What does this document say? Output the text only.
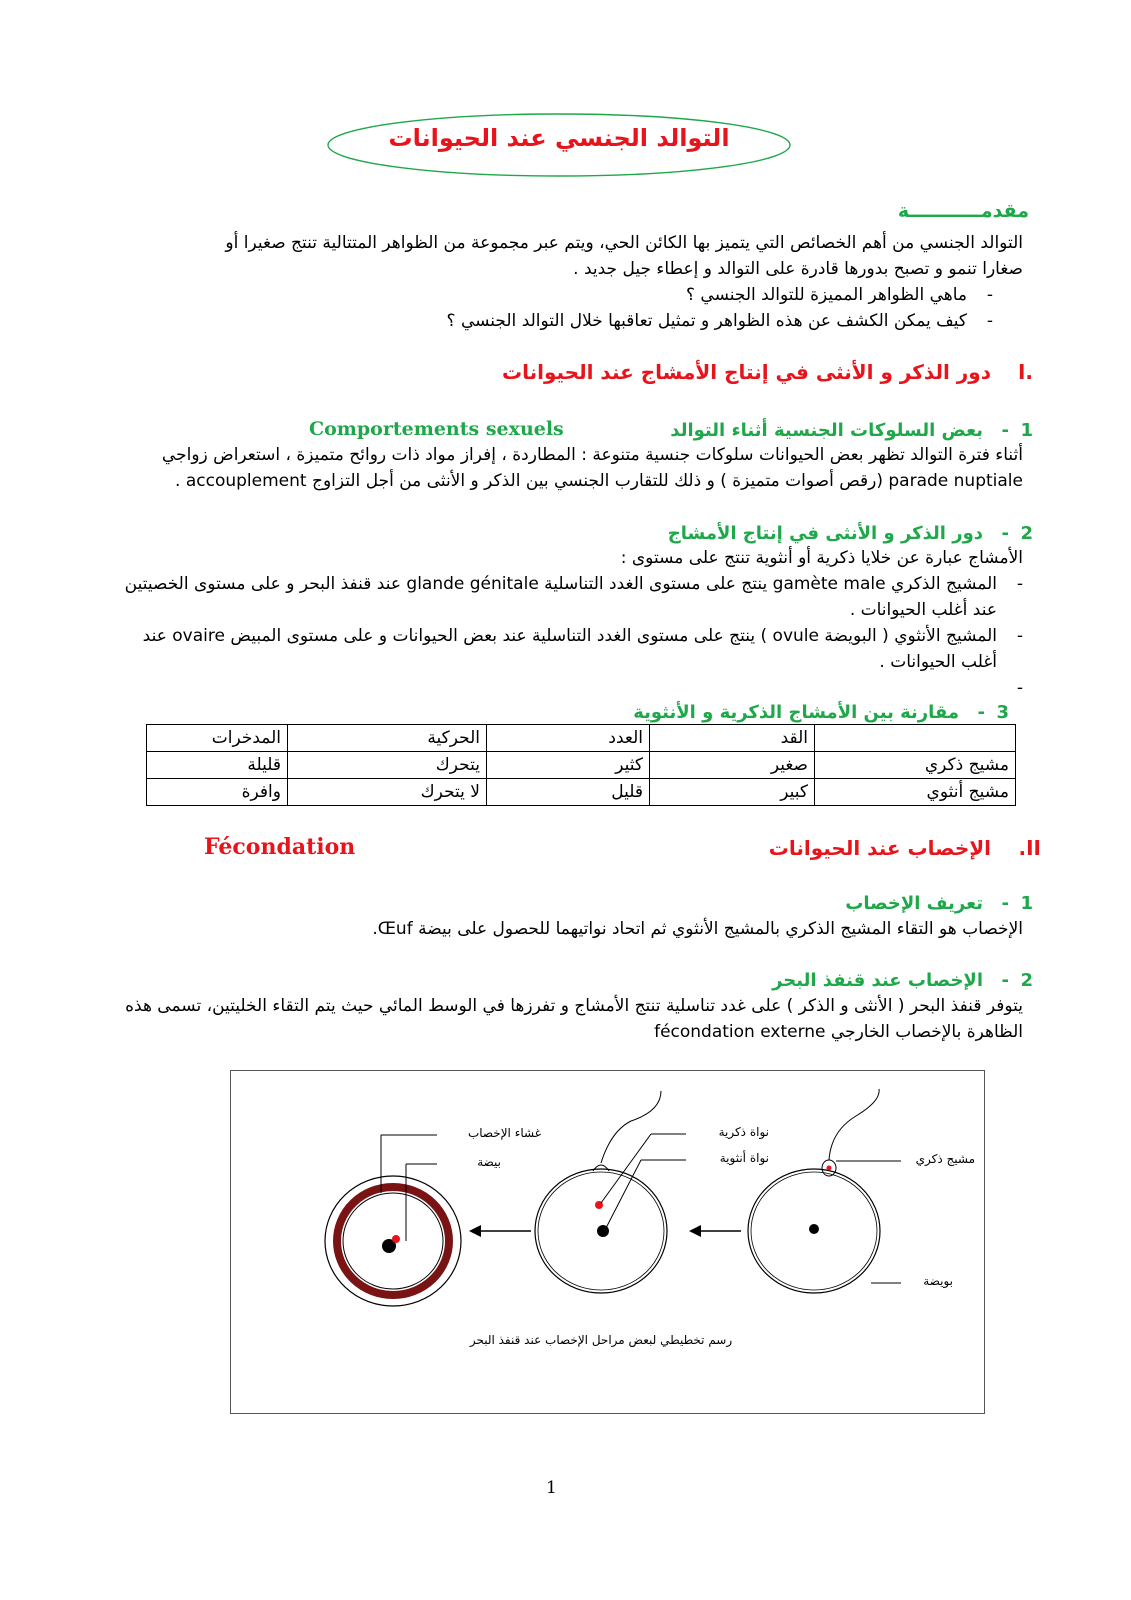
التوالد الجنسي عند الحيوانات
مقدمـــــــــــة
التوالد الجنسي من أهم الخصائص التي يتميز بها الكائن الحي، ويتم عبر مجموعة من الظواهر المتتالية تنتج صغيرا أو
صغارا تنمو و تصبح بدورها قادرة على التوالد و إعطاء جيل جديد .
- ماهي الظواهر المميزة للتوالد الجنسي ؟
- كيف يمكن الكشف عن هذه الظواهر و تمثيل تعاقبها خلال التوالد الجنسي ؟
I.
دور الذكر و الأنثى في إنتاج الأمشاج عند الحيوانات
1
-
بعض السلوكات الجنسية أثناء التوالد
Comportements sexuels
أثناء فترة التوالد تظهر بعض الحيوانات سلوكات جنسية متنوعة : المطاردة ، إفراز مواد ذات روائح متميزة ، استعراض زواجي
parade nuptiale (رقص أصوات متميزة ) و ذلك للتقارب الجنسي بين الذكر و الأنثى من أجل التزاوج accouplement .
2
-
دور الذكر و الأنثى في إنتاج الأمشاج
الأمشاج عبارة عن خلايا ذكرية أو أنثوية تنتج على مستوى :
- المشيج الذكري gamète male ينتج على مستوى الغدد التناسلية glande génitale عند قنفذ البحر و على مستوى الخصيتين
عند أغلب الحيوانات .
- المشيج الأنثوي ( البويضة ovule ) ينتج على مستوى الغدد التناسلية عند بعض الحيوانات و على مستوى المبيض ovaire عند
أغلب الحيوانات .
-
3
-
مقارنة بين الأمشاج الذكرية و الأنثوية
	القد	العدد	الحركية	المدخرات
مشيج ذكري	صغير	كثير	يتحرك	قليلة
مشيج أنثوي	كبير	قليل	لا يتحرك	وافرة
.II
الإخصاب عند الحيوانات
Fécondation
1
-
تعريف الإخصاب
الإخصاب هو التقاء المشيج الذكري بالمشيج الأنثوي ثم اتحاد نواتيهما للحصول على بيضة Œuf.
2
-
الإخصاب عند قنفذ البحر
يتوفر قنفذ البحر ( الأنثى و الذكر ) على غدد تناسلية تنتج الأمشاج و تفرزها في الوسط المائي حيث يتم التقاء الخليتين، تسمى هذه
الظاهرة بالإخصاب الخارجي fécondation externe
غشاء الإخصاب
بيضة
نواة ذكرية
نواة أنثوية	مشيج ذكري
بويضة
رسم تخطيطي لبعض مراحل الإخصاب عند قنفذ البحر
1
